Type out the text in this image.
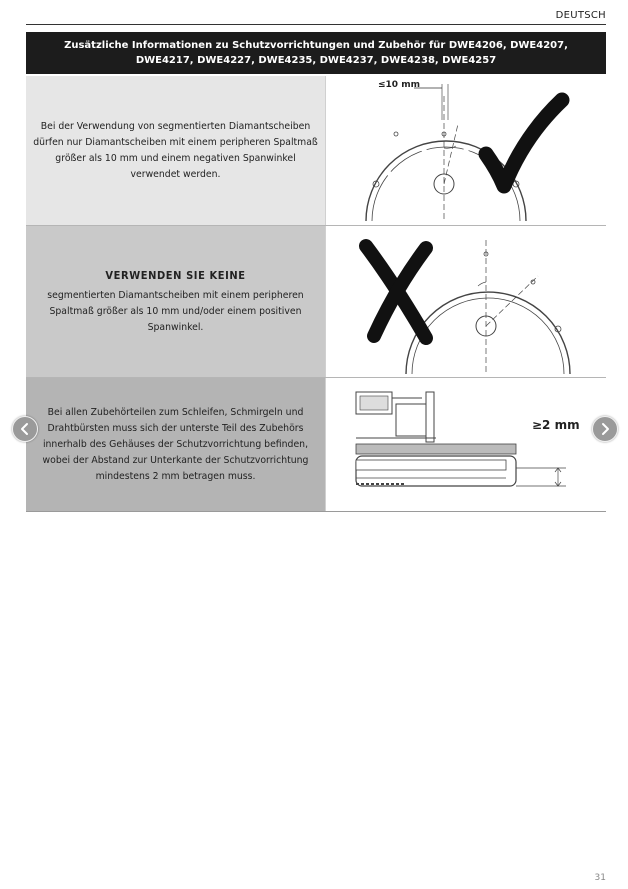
DEUTSCH
Zusätzliche Informationen zu Schutzvorrichtungen und Zubehör für DWE4206, DWE4207, DWE4217, DWE4227, DWE4235, DWE4237, DWE4238, DWE4257
Bei der Verwendung von segmentierten Diamantscheiben dürfen nur Diamantscheiben mit einem peripheren Spaltmaß größer als 10 mm und einem negativen Spanwinkel verwendet werden.
≤10 mm
VERWENDEN SIE KEINE
segmentierten Diamantscheiben mit einem peripheren Spaltmaß größer als 10 mm und/oder einem positiven Spanwinkel.
Bei allen Zubehörteilen zum Schleifen, Schmirgeln und Drahtbürsten muss sich der unterste Teil des Zubehörs innerhalb des Gehäuses der Schutzvorrichtung befinden, wobei der Abstand zur Unterkante der Schutzvorrichtung mindestens 2 mm betragen muss.
≥2 mm
31
